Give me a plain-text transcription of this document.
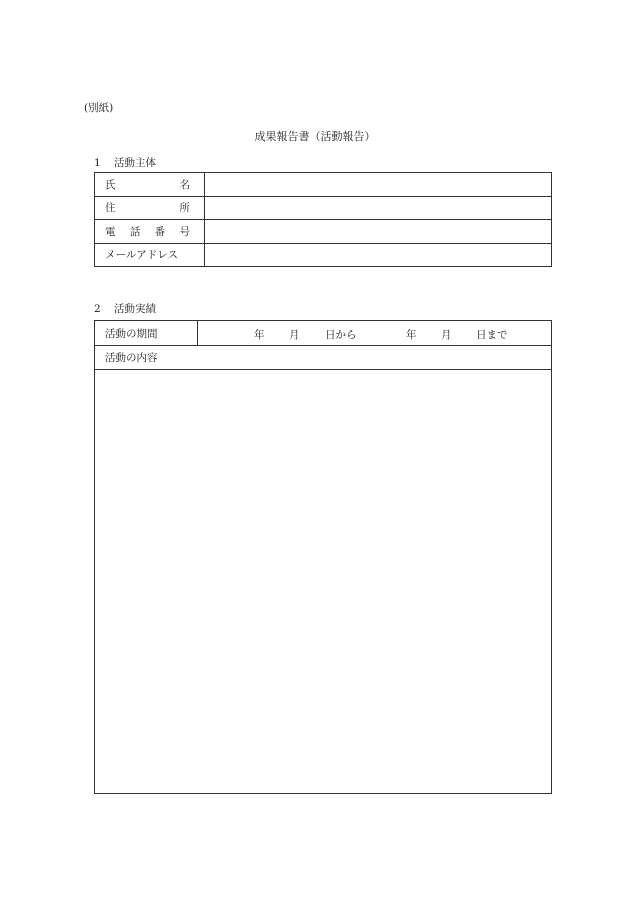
(別紙)
成果報告書（活動報告）
1 活動主体
氏 名	

住 所	

電 話 番 号	

メールアドレス	
2 活動実績
活動の期間	年 月 日から	年 月 日まで

活動の内容
